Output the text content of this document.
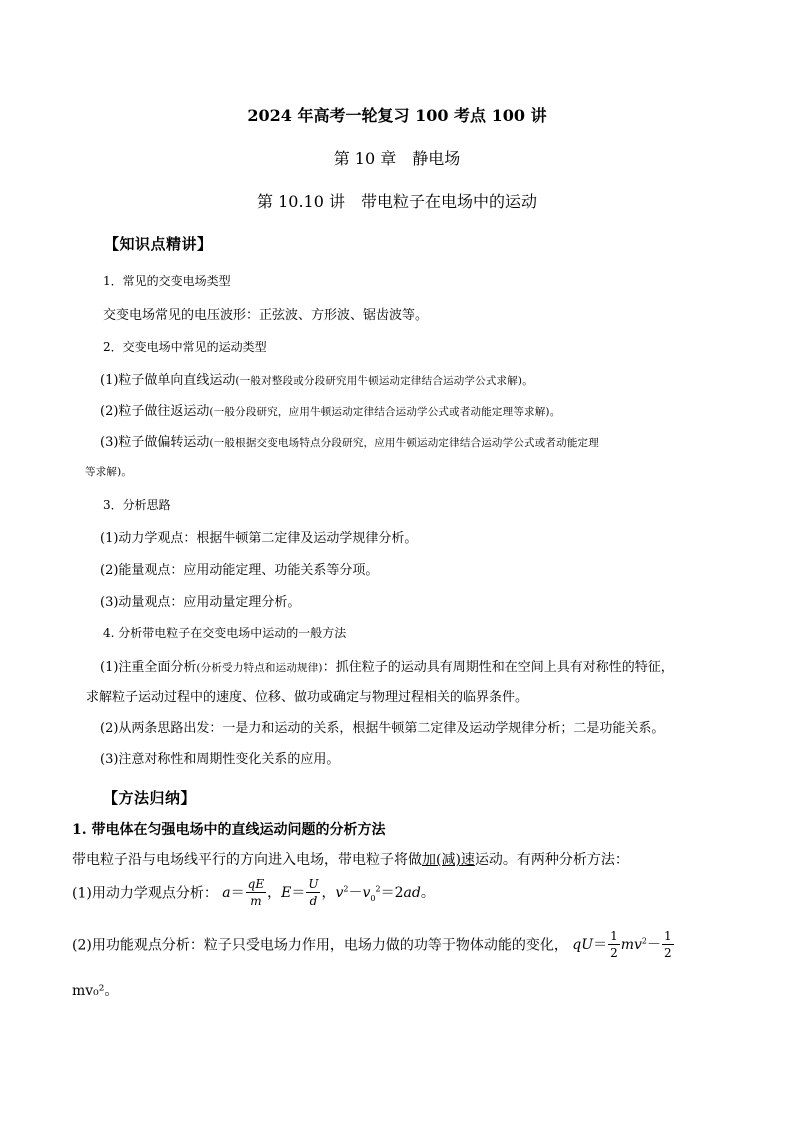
2024 年高考一轮复习 100 考点 100 讲
第 10 章　静电场
第 10.10 讲　带电粒子在电场中的运动
【知识点精讲】
1．常见的交变电场类型
交变电场常见的电压波形：正弦波、方形波、锯齿波等。
2．交变电场中常见的运动类型
(1)粒子做单向直线运动(一般对整段或分段研究用牛顿运动定律结合运动学公式求解)。
(2)粒子做往返运动(一般分段研究，应用牛顿运动定律结合运动学公式或者动能定理等求解)。
(3)粒子做偏转运动(一般根据交变电场特点分段研究，应用牛顿运动定律结合运动学公式或者动能定理
等求解)。
3．分析思路
(1)动力学观点：根据牛顿第二定律及运动学规律分析。
(2)能量观点：应用动能定理、功能关系等分项。
(3)动量观点：应用动量定理分析。
4. 分析带电粒子在交变电场中运动的一般方法
(1)注重全面分析(分析受力特点和运动规律)：抓住粒子的运动具有周期性和在空间上具有对称性的特征，
求解粒子运动过程中的速度、位移、做功或确定与物理过程相关的临界条件。
(2)从两条思路出发：一是力和运动的关系，根据牛顿第二定律及运动学规律分析；二是功能关系。
(3)注意对称性和周期性变化关系的应用。
【方法归纳】
1. 带电体在匀强电场中的直线运动问题的分析方法
带电粒子沿与电场线平行的方向进入电场，带电粒子将做加(减)速运动。有两种分析方法：
(1)用动力学观点分析： $a= \frac{qE}{m}$ ，$E= \frac{U}{d}$ ，$v^2-v_0^2=2ad$。
(2)用功能观点分析：粒子只受电场力作用，电场力做的功等于物体动能的变化， $qU= \frac{1}{2} mv^2- \frac{1}{2}$
mv₀²。
